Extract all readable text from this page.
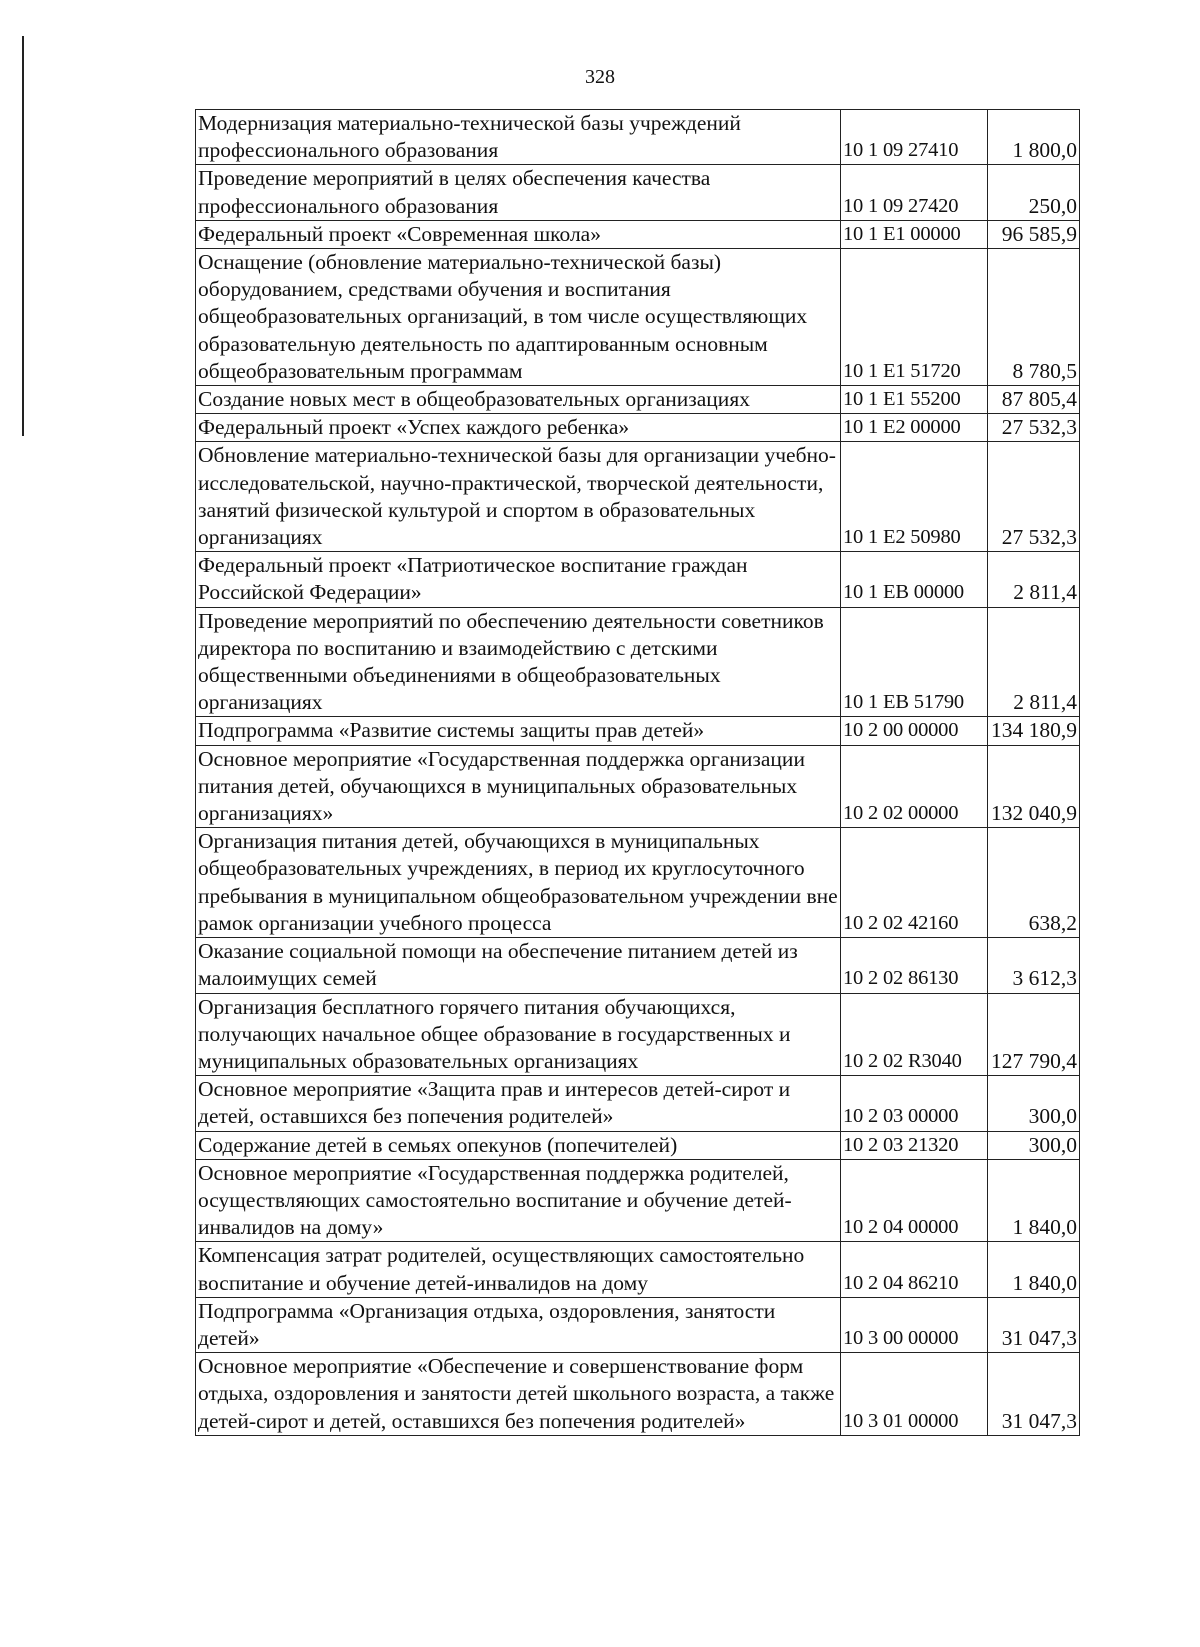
328
Модернизация материально-технической базы учреждений профессионального образования	10 1 09 27410	1 800,0
Проведение мероприятий в целях обеспечения качества профессионального образования	10 1 09 27420	250,0
Федеральный проект «Современная школа»	10 1 E1 00000	96 585,9
Оснащение (обновление материально-технической базы) оборудованием, средствами обучения и воспитания общеобразовательных организаций, в том числе осуществляющих образовательную деятельность по адаптированным основным общеобразовательным программам	10 1 E1 51720	8 780,5
Создание новых мест в общеобразовательных организациях	10 1 E1 55200	87 805,4
Федеральный проект «Успех каждого ребенка»	10 1 E2 00000	27 532,3
Обновление материально-технической базы для организации учебно-исследовательской, научно-практической, творческой деятельности, занятий физической культурой и спортом в образовательных организациях	10 1 E2 50980	27 532,3
Федеральный проект «Патриотическое воспитание граждан Российской Федерации»	10 1 EB 00000	2 811,4
Проведение мероприятий по обеспечению деятельности советников директора по воспитанию и взаимодействию с детскими общественными объединениями в общеобразовательных организациях	10 1 EB 51790	2 811,4
Подпрограмма «Развитие системы защиты прав детей»	10 2 00 00000	134 180,9
Основное мероприятие «Государственная поддержка организации питания детей, обучающихся в муниципальных образовательных организациях»	10 2 02 00000	132 040,9
Организация питания детей, обучающихся в муниципальных общеобразовательных учреждениях, в период их круглосуточного пребывания в муниципальном общеобразовательном учреждении вне рамок организации учебного процесса	10 2 02 42160	638,2
Оказание социальной помощи на обеспечение питанием детей из малоимущих семей	10 2 02 86130	3 612,3
Организация бесплатного горячего питания обучающихся, получающих начальное общее образование в государственных и муниципальных образовательных организациях	10 2 02 R3040	127 790,4
Основное мероприятие «Защита прав и интересов детей-сирот и детей, оставшихся без попечения родителей»	10 2 03 00000	300,0
Содержание детей в семьях опекунов (попечителей)	10 2 03 21320	300,0
Основное мероприятие «Государственная поддержка родителей, осуществляющих самостоятельно воспитание и обучение детей-инвалидов на дому»	10 2 04 00000	1 840,0
Компенсация затрат родителей, осуществляющих самостоятельно воспитание и обучение детей-инвалидов на дому	10 2 04 86210	1 840,0
Подпрограмма «Организация отдыха, оздоровления, занятости детей»	10 3 00 00000	31 047,3
Основное мероприятие «Обеспечение и совершенствование форм отдыха, оздоровления и занятости детей школьного возраста, а также детей-сирот и детей, оставшихся без попечения родителей»	10 3 01 00000	31 047,3
